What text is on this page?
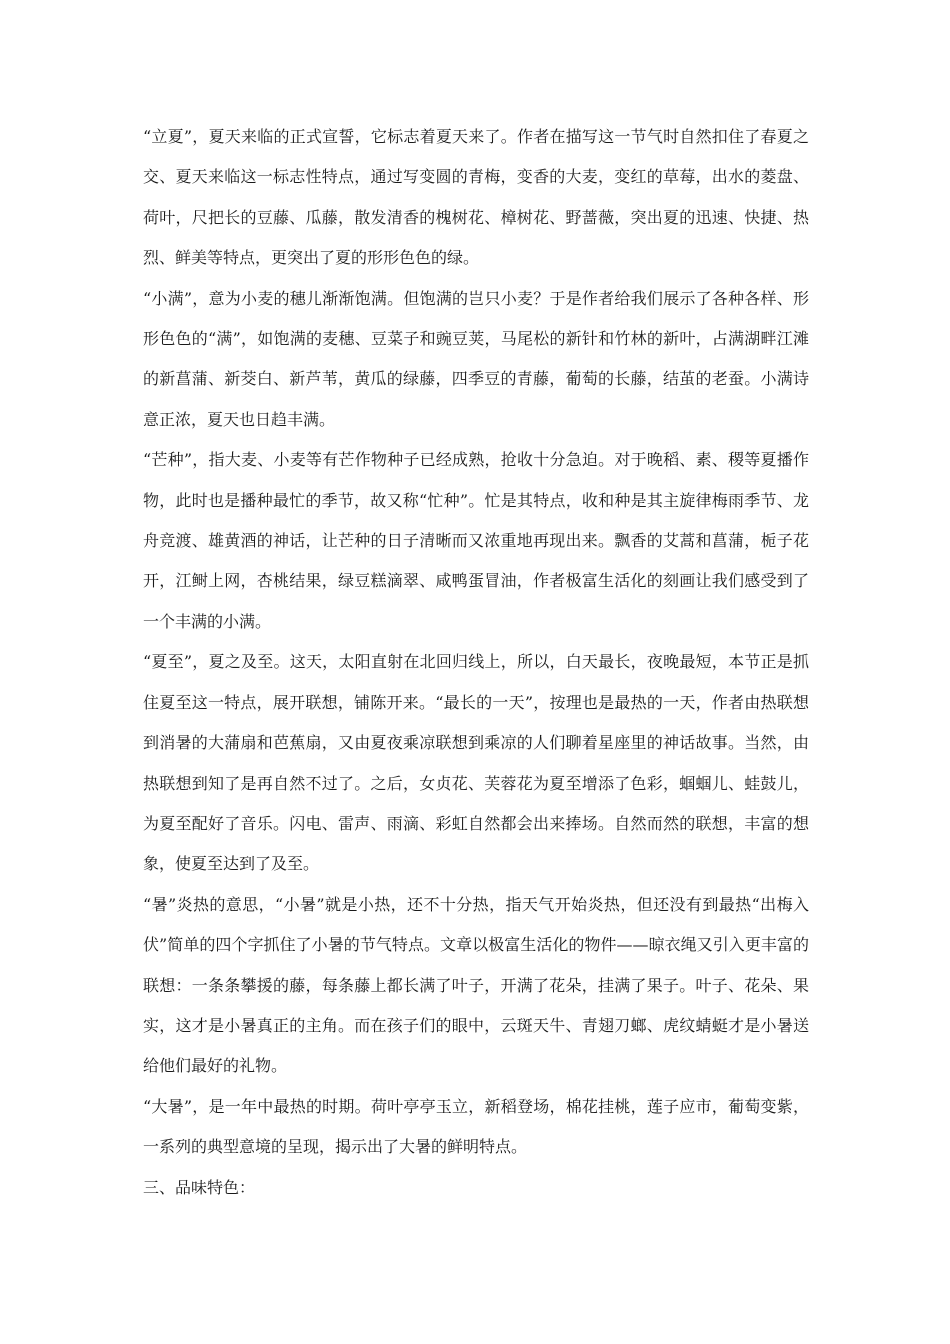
“立夏”，夏天来临的正式宣誓，它标志着夏天来了。作者在描写这一节气时自然扣住了春夏之交、夏天来临这一标志性特点，通过写变圆的青梅，变香的大麦，变红的草莓，出水的菱盘、荷叶，尺把长的豆藤、瓜藤，散发清香的槐树花、樟树花、野蔷薇，突出夏的迅速、快捷、热烈、鲜美等特点，更突出了夏的形形色色的绿。

“小满”，意为小麦的穗儿渐渐饱满。但饱满的岂只小麦？于是作者给我们展示了各种各样、形形色色的“满”，如饱满的麦穗、豆菜子和豌豆荚，马尾松的新针和竹林的新叶，占满湖畔江滩的新菖蒲、新茭白、新芦苇，黄瓜的绿藤，四季豆的青藤，葡萄的长藤，结茧的老蚕。小满诗意正浓，夏天也日趋丰满。

“芒种”，指大麦、小麦等有芒作物种子已经成熟，抢收十分急迫。对于晚稻、素、稷等夏播作物，此时也是播种最忙的季节，故又称“忙种”。忙是其特点，收和种是其主旋律梅雨季节、龙舟竞渡、雄黄酒的神话，让芒种的日子清晰而又浓重地再现出来。飘香的艾蒿和菖蒲，栀子花开，江鲥上网，杏桃结果，绿豆糕滴翠、咸鸭蛋冒油，作者极富生活化的刻画让我们感受到了一个丰满的小满。

“夏至”，夏之及至。这天，太阳直射在北回归线上，所以，白天最长，夜晚最短，本节正是抓住夏至这一特点，展开联想，铺陈开来。“最长的一天”，按理也是最热的一天，作者由热联想到消暑的大蒲扇和芭蕉扇，又由夏夜乘凉联想到乘凉的人们聊着星座里的神话故事。当然，由热联想到知了是再自然不过了。之后，女贞花、芙蓉花为夏至增添了色彩，蝈蝈儿、蛙鼓儿，为夏至配好了音乐。闪电、雷声、雨滴、彩虹自然都会出来捧场。自然而然的联想，丰富的想象，使夏至达到了及至。

“暑”炎热的意思，“小暑”就是小热，还不十分热，指天气开始炎热，但还没有到最热“出梅入伏”简单的四个字抓住了小暑的节气特点。文章以极富生活化的物件——晾衣绳又引入更丰富的联想：一条条攀援的藤，每条藤上都长满了叶子，开满了花朵，挂满了果子。叶子、花朵、果实，这才是小暑真正的主角。而在孩子们的眼中，云斑天牛、青翅刀螂、虎纹蜻蜓才是小暑送给他们最好的礼物。

“大暑”，是一年中最热的时期。荷叶亭亭玉立，新稻登场，棉花挂桃，莲子应市，葡萄变紫，一系列的典型意境的呈现，揭示出了大暑的鲜明特点。

三、品味特色：
